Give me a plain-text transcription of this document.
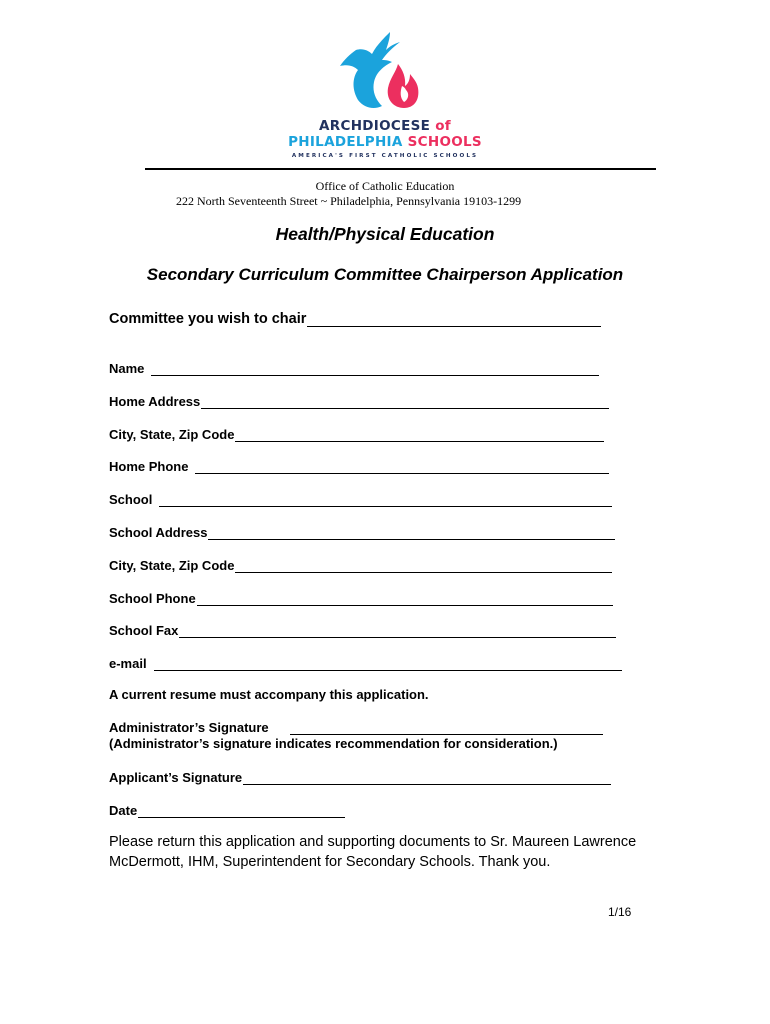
ARCHDIOCESE of
PHILADELPHIA SCHOOLS
AMERICA'S FIRST CATHOLIC SCHOOLS
Office of Catholic Education
222 North Seventeenth Street ~ Philadelphia, Pennsylvania 19103-1299
Health/Physical Education
Secondary Curriculum Committee Chairperson Application
Committee you wish to chair
Name
Home Address
City, State, Zip Code
Home Phone
School
School Address
City, State, Zip Code
School Phone
School Fax
e-mail
A current resume must accompany this application.
Administrator’s Signature
(Administrator’s signature indicates recommendation for consideration.)
Applicant’s Signature
Date
Please return this application and supporting documents to Sr. Maureen Lawrence McDermott, IHM, Superintendent for Secondary Schools. Thank you.
1/16
